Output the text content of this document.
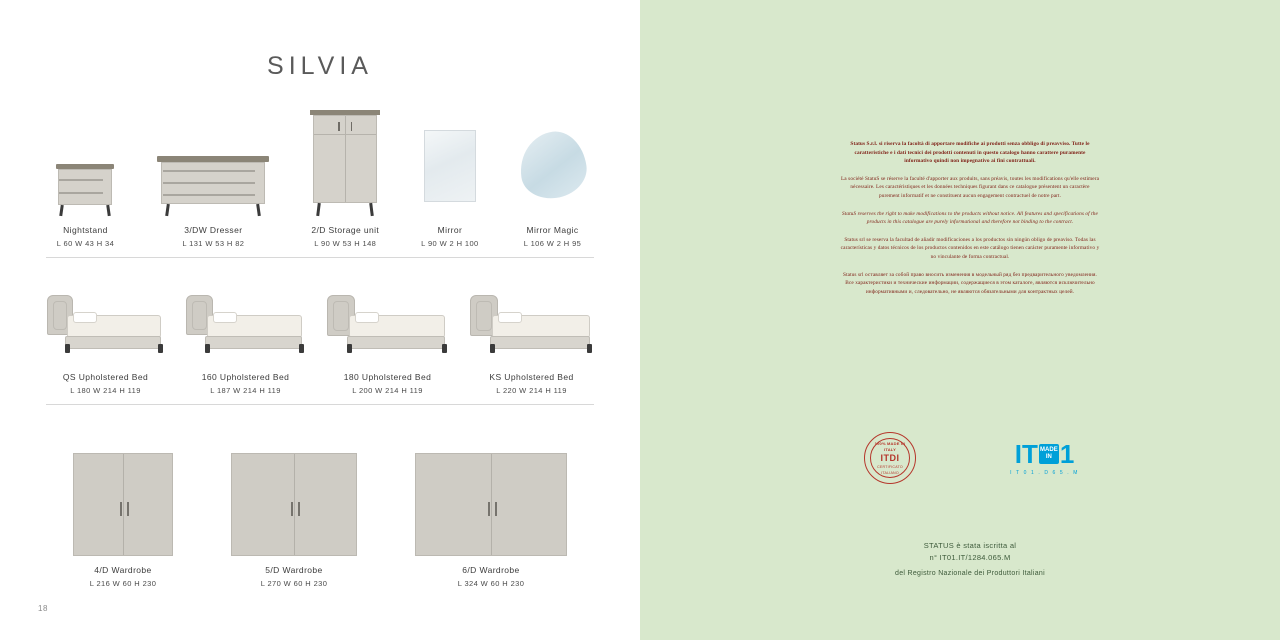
SILVIA
Nightstand
L 60 W 43 H 34
3/DW Dresser
L 131 W 53 H 82
2/D Storage unit
L 90 W 53 H 148
Mirror
L 90 W 2 H 100
Mirror Magic
L 106 W 2 H 95
QS Upholstered Bed
L 180 W 214 H 119
160 Upholstered Bed
L 187 W 214 H 119
180 Upholstered Bed
L 200 W 214 H 119
KS Upholstered Bed
L 220 W 214 H 119
4/D Wardrobe
L 216 W 60 H 230
5/D Wardrobe
L 270 W 60 H 230
6/D Wardrobe
L 324 W 60 H 230
18

Status S.r.l. si riserva la facoltà di apportare modifiche ai prodotti senza obbligo di preavviso. Tutte le caratteristiche e i dati tecnici dei prodotti contenuti in questo catalogo hanno carattere puramente informativo quindi non impegnativo ai fini contrattuali.

La société StatuS se réserve la faculté d'apporter aux produits, sans préavis, toutes les modifications qu'elle estimera nécessaire. Les caractéristiques et les données techniques figurant dans ce catalogue présentent un caractère purement informatif et ne constituent aucun engagement contractuel de notre part.

StatuS reserves the right to make modifications to the products without notice. All features and specifications of the products in this catalogue are purely informational and therefore not binding to the contract.

Status srl se reserva la facultad de añadir modificaciones a los productos sin ningún obligo de preaviso. Todas las características y datos técnicos de los productos contenidos en este catálogo tienen carácter puramente informativo y no vinculante de forma contractual.

Status srl оставляет за собой право вносить изменения в модельный ряд без предварительного уведомления. Все характеристики и технические информации, содержащиеся в этом каталоге, являются исключительно информативными и, следовательно, не являются обязательными для контрактных целей.

100% MADE IN ITALY
ITDI
CERTIFICATO ITALIANO
IT MADE IN 1
I T 0 1 . D 6 5 . M
STATUS è stata iscritta al
n° IT01.IT/1284.065.M
del Registro Nazionale dei Produttori Italiani
